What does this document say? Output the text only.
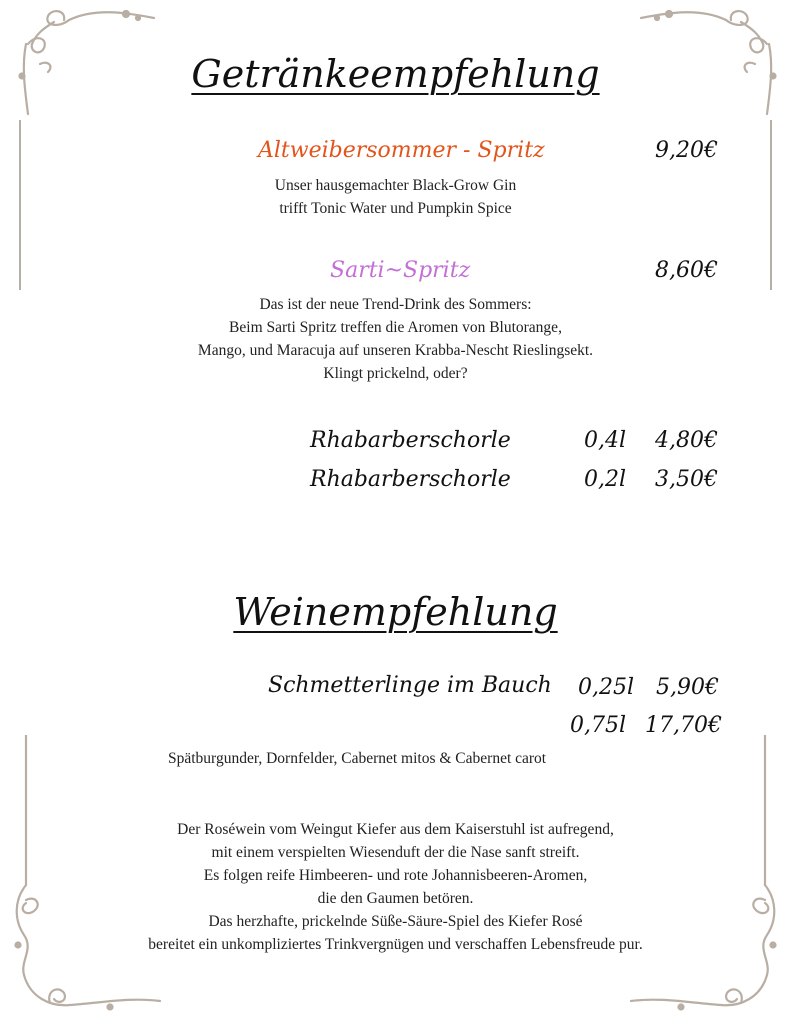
Getränkeempfehlung
Altweibersommer - Spritz	9,20€
Unser hausgemachter Black-Grow Gin
trifft Tonic Water und Pumpkin Spice
Sarti~Spritz	8,60€
Das ist der neue Trend-Drink des Sommers:
Beim Sarti Spritz treffen die Aromen von Blutorange,
Mango, und Maracuja auf unseren Krabba-Nescht Rieslingsekt.
Klingt prickelnd, oder?
Rhabarberschorle	0,4l 4,80€
Rhabarberschorle	0,2l 3,50€
Weinempfehlung
Schmetterlinge im Bauch 0,25l 5,90€
0,75l 17,70€
Spätburgunder, Dornfelder, Cabernet mitos & Cabernet carot
Der Roséwein vom Weingut Kiefer aus dem Kaiserstuhl ist aufregend,
mit einem verspielten Wiesenduft der die Nase sanft streift.
Es folgen reife Himbeeren- und rote Johannisbeeren-Aromen,
die den Gaumen betören.
Das herzhafte, prickelnde Süße-Säure-Spiel des Kiefer Rosé
bereitet ein unkompliziertes Trinkvergnügen und verschaffen Lebensfreude pur.
